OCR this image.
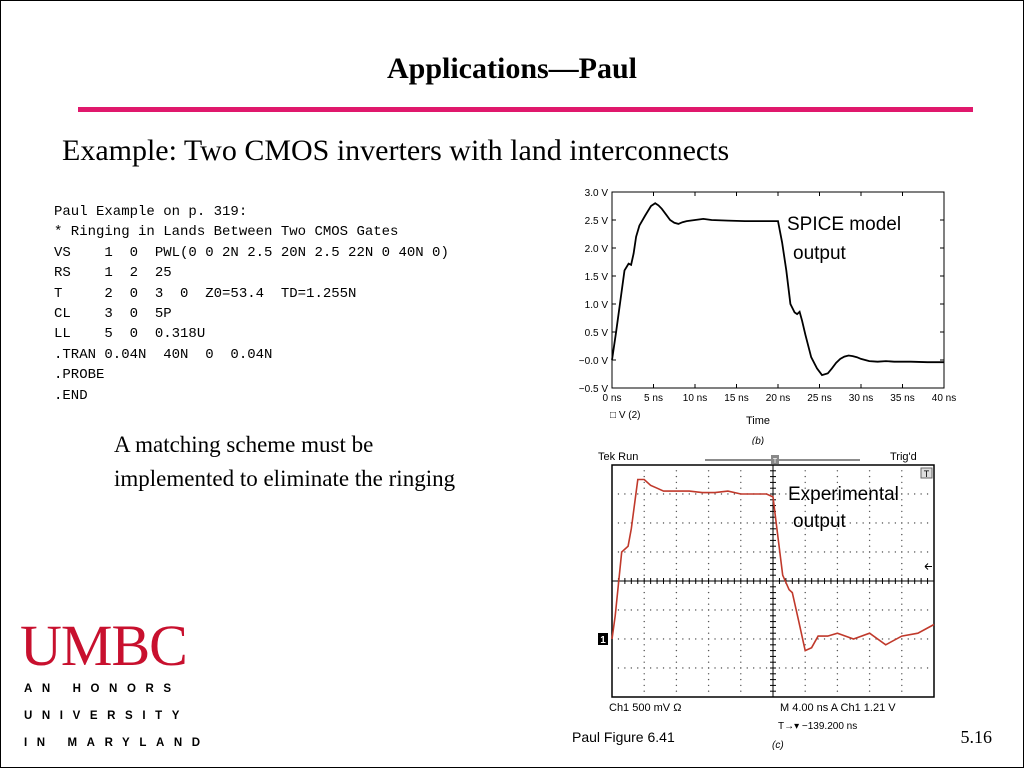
Applications—Paul
Example: Two CMOS inverters with land interconnects
Paul Example on p. 319:
* Ringing in Lands Between Two CMOS Gates
VS    1  0  PWL(0 0 2N 2.5 20N 2.5 22N 0 40N 0)
RS    1  2  25
T     2  0  3  0  Z0=53.4  TD=1.255N
CL    3  0  5P
LL    5  0  0.318U
.TRAN 0.04N  40N  0  0.04N
.PROBE
.END
A matching scheme must be implemented to eliminate the ringing
3.0 V
2.5 V
2.0 V
1.5 V
1.0 V
0.5 V
−0.0 V
−0.5 V
0 ns 5 ns 10 ns 15 ns 20 ns 25 ns 30 ns 35 ns 40 ns
□ V (2)	Time
(b)
SPICE model
output
Tek Run	Trig'd
T
T
1
Ch1 500 mV Ω	M 4.00 ns A Ch1 1.21 V
T→▾ −139.200 ns
(c)
Experimental
output
UMBC
AN HONORS
UNIVERSITY
IN MARYLAND	Paul Figure 6.41	5.16
